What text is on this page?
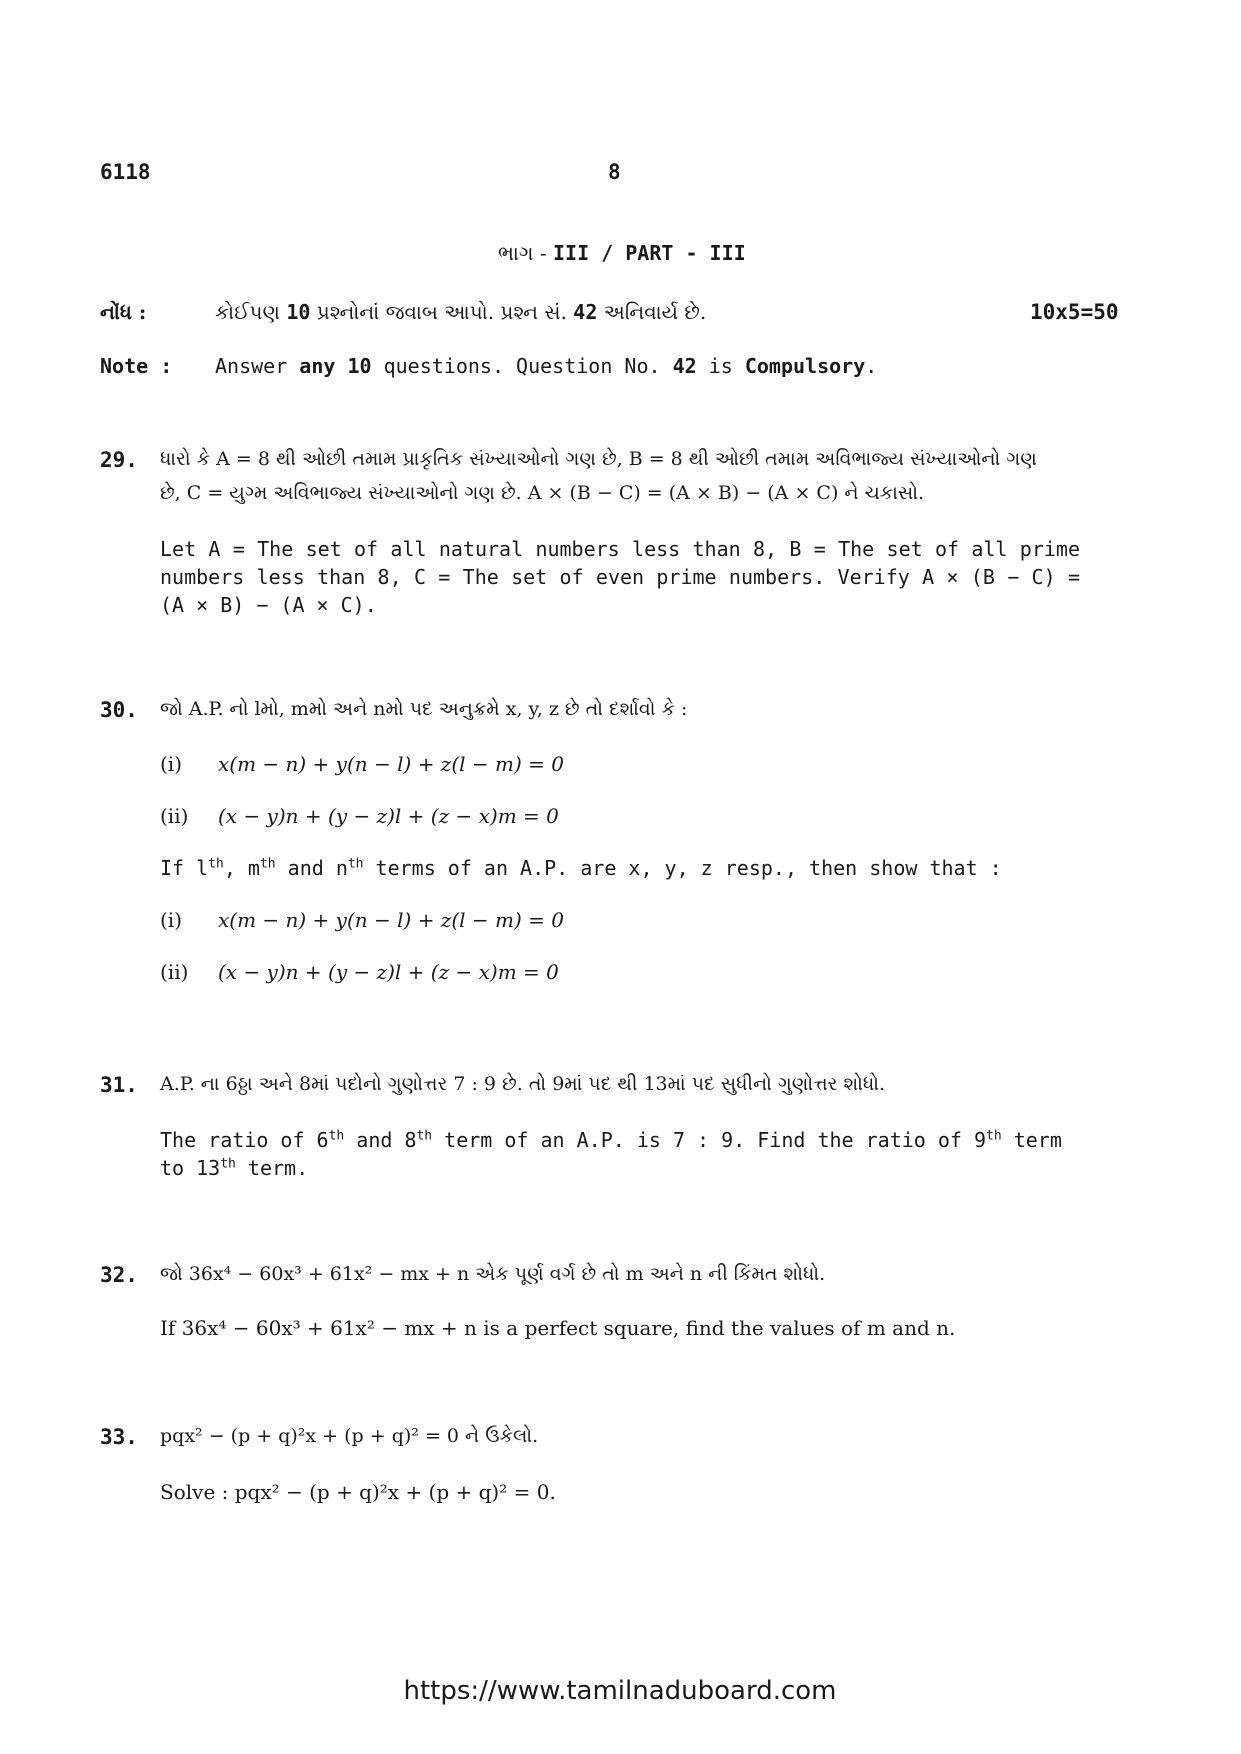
6118	8
ભાગ - III / PART - III
નોંધ :	કોઈપણ 10 પ્રશ્નોનાં જવાબ આપો. પ્રશ્ન સં. 42 અનિવાર્ય છે.	10x5=50
Note : Answer any 10 questions. Question No. 42 is Compulsory.
29. ધારો કે A = 8 થી ઓછી તમામ પ્રાકૃતિક સંખ્યાઓનો ગણ છે, B = 8 થી ઓછી તમામ અવિભાજ્ય સંખ્યાઓનો ગણ
છે, C = યુગ્મ અવિભાજ્ય સંખ્યાઓનો ગણ છે. A × (B − C) = (A × B) − (A × C) ને ચકાસો.
Let A = The set of all natural numbers less than 8, B = The set of all prime numbers less than 8, C = The set of even prime numbers. Verify A × (B − C) = (A × B) − (A × C).
30. જો A.P. નો lમો, mમો અને nમો પદ અનુક્રમે x, y, z છે તો દર્શાવો કે :
(i) x(m − n) + y(n − l) + z(l − m) = 0
(ii) (x − y)n + (y − z)l + (z − x)m = 0
If $l^{th}$, $m^{th}$ and $n^{th}$ terms of an A.P. are x, y, z resp., then show that :
(i) x(m − n) + y(n − l) + z(l − m) = 0
(ii) (x − y)n + (y − z)l + (z − x)m = 0
31. A.P. ના 6ઠ્ઠા અને 8માં પદોનો ગુણોત્તર 7 : 9 છે. તો 9માં પદ થી 13માં પદ સુધીનો ગુણોત્તર શોધો.
The ratio of 6th and 8th term of an A.P. is 7 : 9. Find the ratio of 9th term to 13th term.
32. જો 36x⁴ − 60x³ + 61x² − mx + n એક પૂર્ણ વર્ગ છે તો m અને n ની કિંમત શોધો.
If 36x⁴ − 60x³ + 61x² − mx + n is a perfect square, find the values of m and n.
33. pqx² − (p + q)²x + (p + q)² = 0 ને ઉકેલો.
Solve : pqx² − (p + q)²x + (p + q)² = 0.
https://www.tamilnaduboard.com
